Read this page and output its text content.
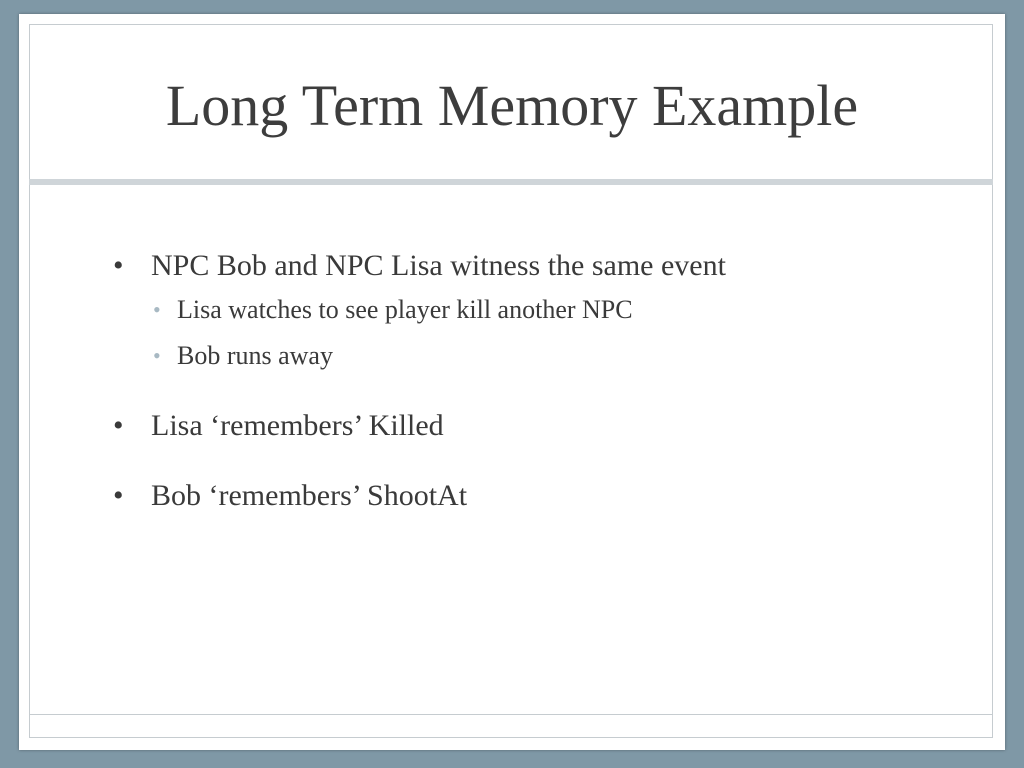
Long Term Memory Example
• NPC Bob and NPC Lisa witness the same event
• Lisa watches to see player kill another NPC
• Bob runs away
• Lisa ‘remembers’ Killed
• Bob ‘remembers’ ShootAt
